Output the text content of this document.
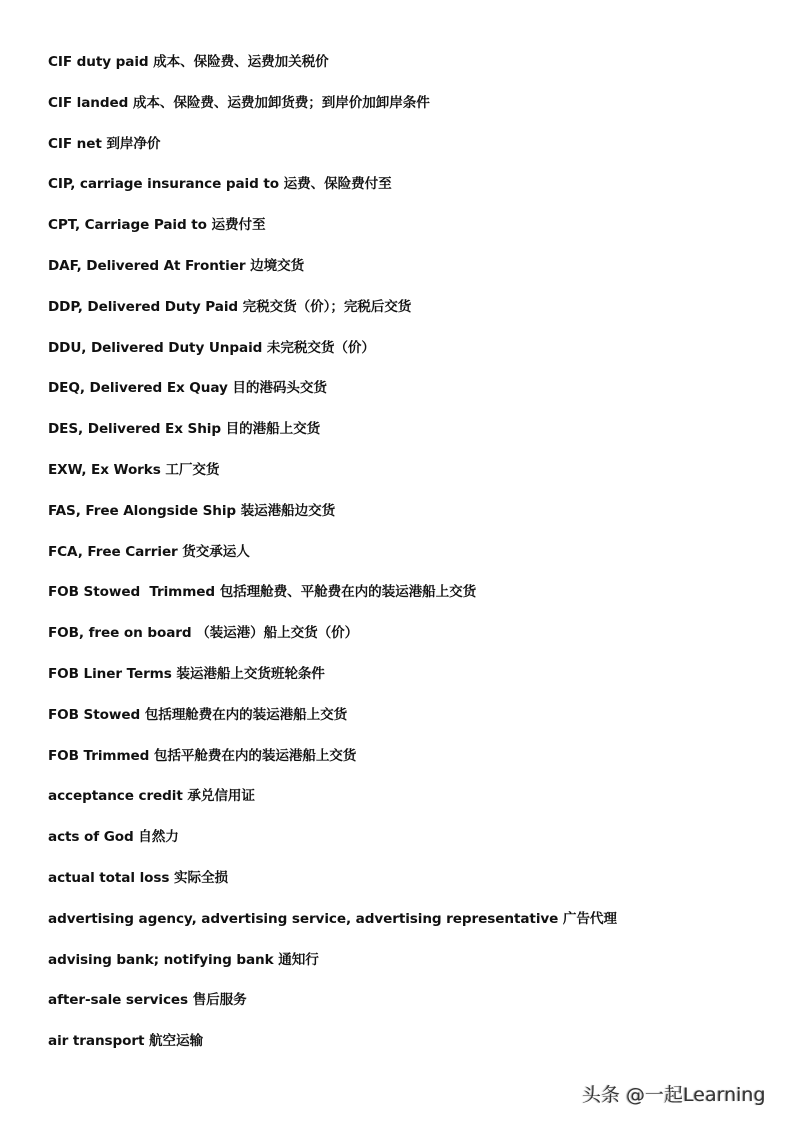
CIF duty paid 成本、保险费、运费加关税价
CIF landed 成本、保险费、运费加卸货费；到岸价加卸岸条件
CIF net 到岸净价
CIP, carriage insurance paid to 运费、保险费付至
CPT, Carriage Paid to 运费付至
DAF, Delivered At Frontier 边境交货
DDP, Delivered Duty Paid 完税交货（价）；完税后交货
DDU, Delivered Duty Unpaid 未完税交货（价）
DEQ, Delivered Ex Quay 目的港码头交货
DES, Delivered Ex Ship 目的港船上交货
EXW, Ex Works 工厂交货
FAS, Free Alongside Ship 装运港船边交货
FCA, Free Carrier 货交承运人
FOB Stowed  Trimmed 包括理舱费、平舱费在内的装运港船上交货
FOB, free on board （装运港）船上交货（价）
FOB Liner Terms 装运港船上交货班轮条件
FOB Stowed 包括理舱费在内的装运港船上交货
FOB Trimmed 包括平舱费在内的装运港船上交货
acceptance credit 承兑信用证
acts of God 自然力
actual total loss 实际全损
advertising agency, advertising service, advertising representative 广告代理
advising bank; notifying bank 通知行
after-sale services 售后服务
air transport 航空运输
头条 @一起Learning
